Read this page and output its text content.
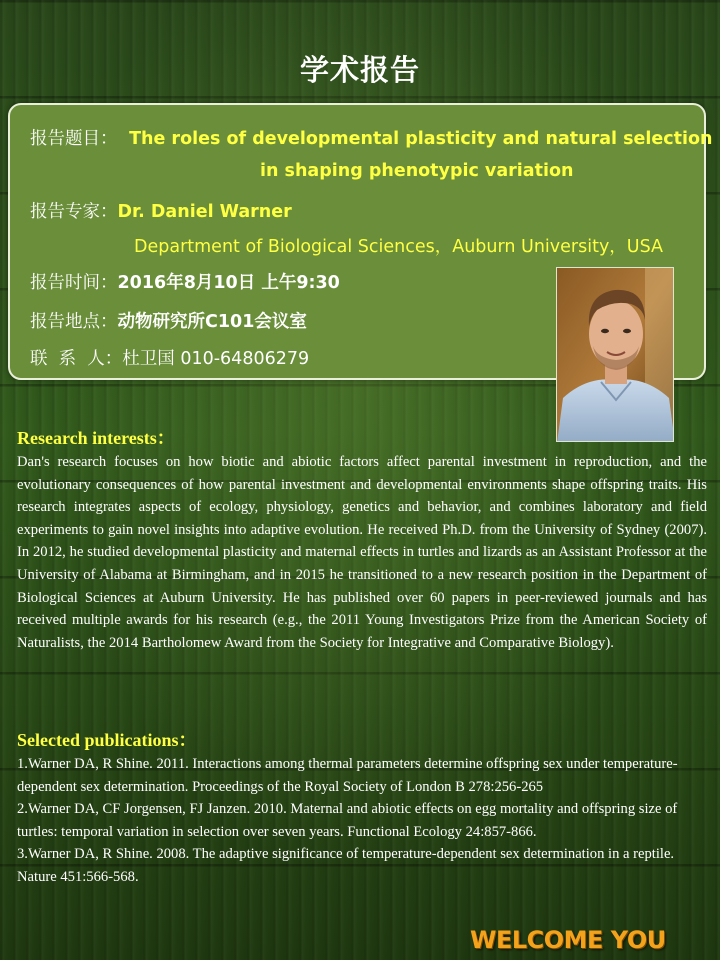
学术报告
报告题目： The roles of developmental plasticity and natural selection
in shaping phenotypic variation
报告专家：Dr. Daniel Warner
Department of Biological Sciences，Auburn University，USA
报告时间：2016年8月10日 上午9:30
报告地点：动物研究所C101会议室
联  系  人：杜卫国 010-64806279
Research interests：
Dan's research focuses on how biotic and abiotic factors affect parental investment in reproduction, and the evolutionary consequences of how parental investment and developmental environments shape offspring traits. His research integrates aspects of ecology, physiology, genetics and behavior, and combines laboratory and field experiments to gain novel insights into adaptive evolution. He received Ph.D. from the University of Sydney (2007). In 2012, he studied developmental plasticity and maternal effects in turtles and lizards as an Assistant Professor at the University of Alabama at Birmingham, and in 2015 he transitioned to a new research position in the Department of Biological Sciences at Auburn University. He has published over 60 papers in peer-reviewed journals and has received multiple awards for his research (e.g., the 2011 Young Investigators Prize from the American Society of Naturalists, the 2014 Bartholomew Award from the Society for Integrative and Comparative Biology).
Selected publications：
1.Warner DA, R Shine. 2011. Interactions among thermal parameters determine offspring sex under temperature-dependent sex determination. Proceedings of the Royal Society of London B 278:256-265
2.Warner DA, CF Jorgensen, FJ Janzen. 2010. Maternal and abiotic effects on egg mortality and offspring size of turtles: temporal variation in selection over seven years. Functional Ecology 24:857-866.
3.Warner DA, R Shine. 2008. The adaptive significance of temperature-dependent sex determination in a reptile. Nature 451:566-568.
WELCOME YOU
